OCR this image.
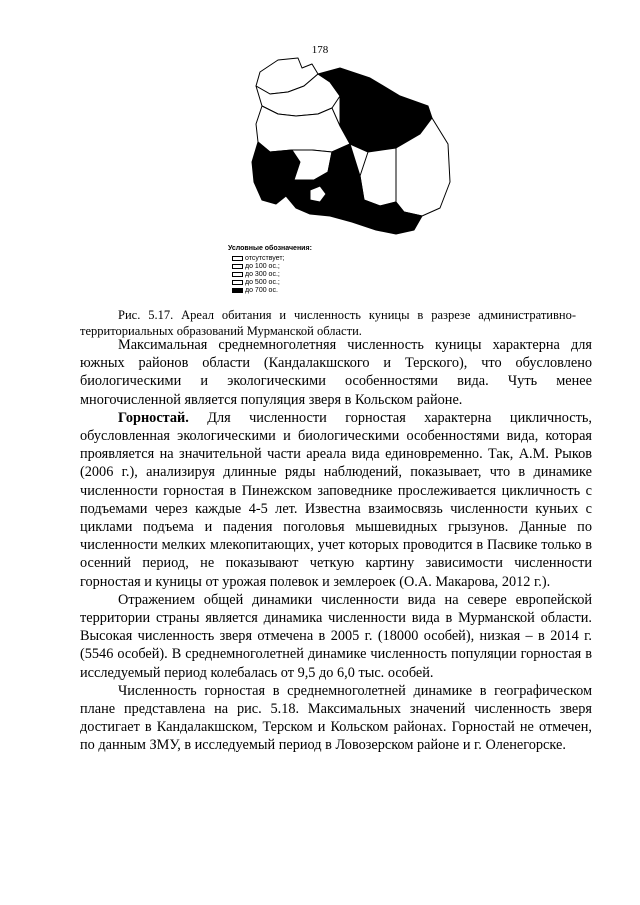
178
Условные обозначения:
отсутствует;
до 100 ос.;
до 300 ос.;
до 500 ос.;
до 700 ос.

Рис. 5.17. Ареал обитания и численность куницы в разрезе административно-территориальных образований Мурманской области.

Максимальная среднемноголетняя численность куницы характерна для южных районов области (Кандалакшского и Терского), что обусловлено биологическими и экологическими особенностями вида. Чуть менее многочисленной является популяция зверя в Кольском районе.

Горностай. Для численности горностая характерна цикличность, обусловленная экологическими и биологическими особенностями вида, которая проявляется на значительной части ареала вида единовременно. Так, А.М. Рыков (2006 г.), анализируя длинные ряды наблюдений, показывает, что в динамике численности горностая в Пинежском заповеднике прослеживается цикличность с подъемами через каждые 4-5 лет. Известна взаимосвязь численности куньих с циклами подъема и падения поголовья мышевидных грызунов. Данные по численности мелких млекопитающих, учет которых проводится в Пасвике только в осенний период, не показывают четкую картину зависимости численности горностая и куницы от урожая полевок и землероек (О.А. Макарова, 2012 г.).

Отражением общей динамики численности вида на севере европейской территории страны является динамика численности вида в Мурманской области. Высокая численность зверя отмечена в 2005 г. (18000 особей), низкая – в 2014 г. (5546 особей). В среднемноголетней динамике численность популяции горностая в исследуемый период колебалась от 9,5 до 6,0 тыс. особей.

Численность горностая в среднемноголетней динамике в географическом плане представлена на рис. 5.18. Максимальных значений численность зверя достигает в Кандалакшском, Терском и Кольском районах. Горностай не отмечен, по данным ЗМУ, в исследуемый период в Ловозерском районе и г. Оленегорске.
